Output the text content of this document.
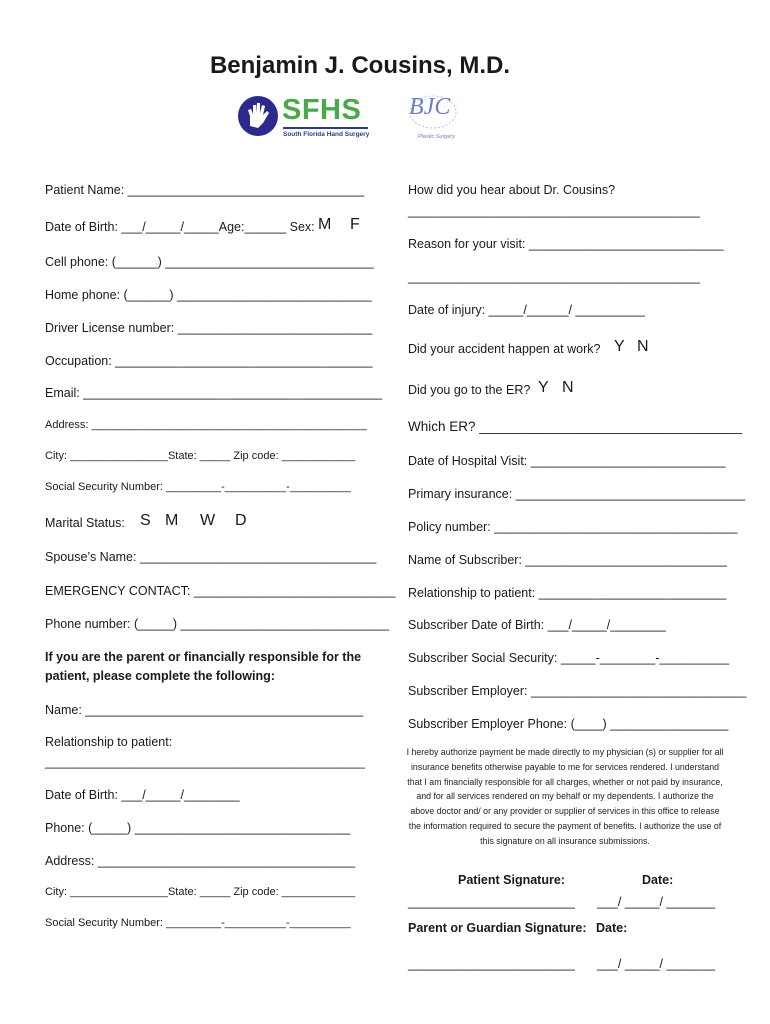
Benjamin J. Cousins, M.D.
SFHS
South Florida Hand Surgery
BJC
Plastic Surgery
Patient Name: __________________________________
Date of Birth: ___/_____/_____Age:______ Sex: M F
Cell phone: (______) ______________________________
Home phone: (______) ____________________________
Driver License number: ____________________________
Occupation: _____________________________________
Email: ___________________________________________
Address: _____________________________________________
City: ________________State: _____ Zip code: ____________
Social Security Number: _________-__________-__________
Marital Status: S M W D
Spouse’s Name: __________________________________
EMERGENCY CONTACT: _____________________________
Phone number: (_____) ______________________________
If you are the parent or financially responsible for the
patient, please complete the following:
Name: ________________________________________
Relationship to patient:
______________________________________________
Date of Birth: ___/_____/________
Phone: (_____) _______________________________
Address: _____________________________________
City: ________________State: _____ Zip code: ____________
Social Security Number: _________-__________-__________
How did you hear about Dr. Cousins?
__________________________________________
Reason for your visit: ____________________________
__________________________________________
Date of injury: _____/______/ __________
Did your accident happen at work? Y N
Did you go to the ER? Y N
Which ER? ___________________________________
Date of Hospital Visit: ____________________________
Primary insurance: _________________________________
Policy number: ___________________________________
Name of Subscriber: _____________________________
Relationship to patient: ___________________________
Subscriber Date of Birth: ___/_____/________
Subscriber Social Security: _____-________-__________
Subscriber Employer: _______________________________
Subscriber Employer Phone: (____) _________________
I hereby authorize payment be made directly to my physician (s) or supplier for all insurance benefits otherwise payable to me for services rendered. I understand that I am financially responsible for all charges, whether or not paid by insurance, and for all services rendered on my behalf or my dependents. I authorize the above doctor and/ or any provider or supplier of services in this office to release the information required to secure the payment of benefits. I authorize the use of this signature on all insurance submissions.
Patient Signature:	Date:
________________________ ___/ _____/ _______
Parent or Guardian Signature: Date:
________________________ ___/ _____/ _______
